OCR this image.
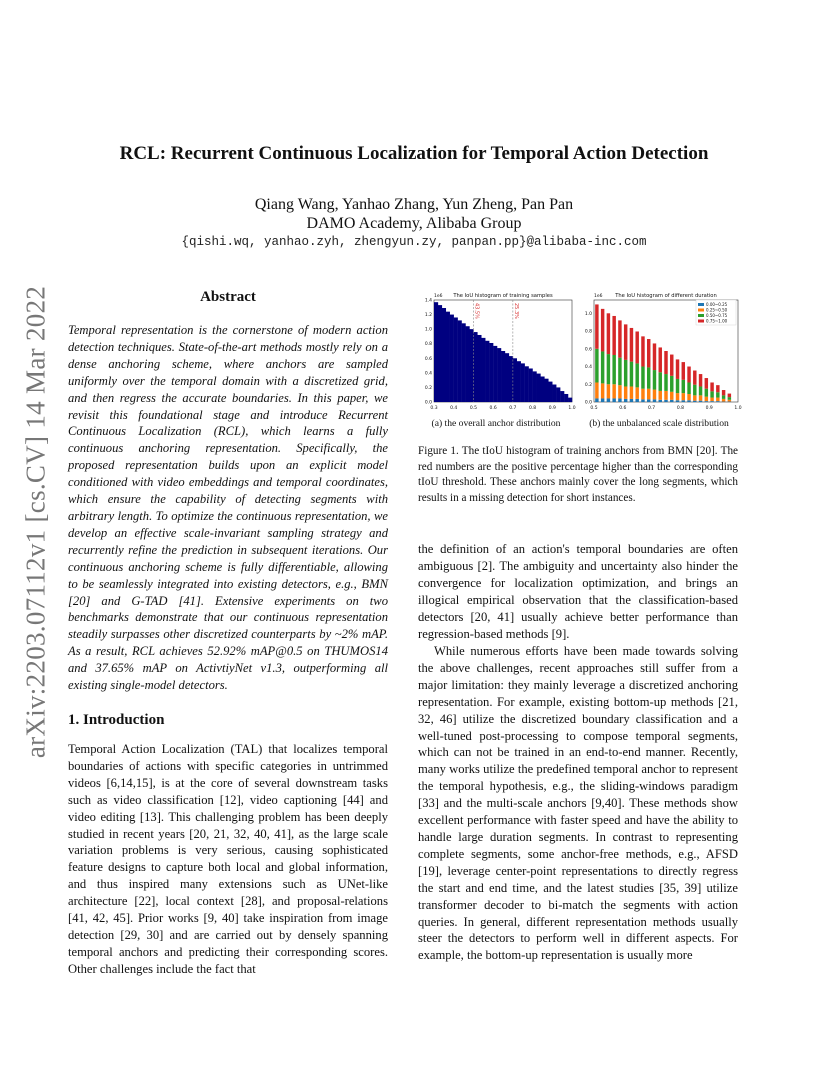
RCL: Recurrent Continuous Localization for Temporal Action Detection
Qiang Wang, Yanhao Zhang, Yun Zheng, Pan Pan
DAMO Academy, Alibaba Group
{qishi.wq, yanhao.zyh, zhengyun.zy, panpan.pp}@alibaba-inc.com
arXiv:2203.07112v1 [cs.CV] 14 Mar 2022	Abstract

Temporal representation is the cornerstone of modern action detection techniques. State-of-the-art methods mostly rely on a dense anchoring scheme, where anchors are sampled uniformly over the temporal domain with a discretized grid, and then regress the accurate boundaries. In this paper, we revisit this foundational stage and introduce Recurrent Continuous Localization (RCL), which learns a fully continuous anchoring representation. Specifically, the proposed representation builds upon an explicit model conditioned with video embeddings and temporal coordinates, which ensure the capability of detecting segments with arbitrary length. To optimize the continuous representation, we develop an effective scale-invariant sampling strategy and recurrently refine the prediction in subsequent iterations. Our continuous anchoring scheme is fully differentiable, allowing to be seamlessly integrated into existing detectors, e.g., BMN [20] and G-TAD [41]. Extensive experiments on two benchmarks demonstrate that our continuous representation steadily surpasses other discretized counterparts by ~2% mAP. As a result, RCL achieves 52.92% mAP@0.5 on THUMOS14 and 37.65% mAP on ActivtiyNet v1.3, outperforming all existing single-model detectors.

1. Introduction

Temporal Action Localization (TAL) that localizes temporal boundaries of actions with specific categories in untrimmed videos [6,14,15], is at the core of several downstream tasks such as video classification [12], video captioning [44] and video editing [13]. This challenging problem has been deeply studied in recent years [20, 21, 32, 40, 41], as the large scale variation problems is very serious, causing sophisticated feature designs to capture both local and global information, and thus inspired many extensions such as UNet-like architecture [22], local context [28], and proposal-relations [41, 42, 45]. Prior works [9, 40] take inspiration from image detection [29, 30] and are carried out by densely spanning temporal anchors and predicting their corresponding scores. Other challenges include the fact that

The IoU histogram of training samples
1e6
43.5%	25.3%
0.3	0.4	0.5	0.6	0.7	0.8	0.9	1.0
0.0
0.2
0.4
0.6
0.8
1.0
1.2
1.4
The IoU histogram of different duration
1e6
0.00~0.25
0.25~0.50
0.50~0.75
0.75~1.00
0.5	0.6	0.7	0.8	0.9	1.0
0.0
0.2
0.4
0.6
0.8
1.0
(a) the overall anchor distribution	(b) the unbalanced scale distribution

Figure 1. The tIoU histogram of training anchors from BMN [20]. The red numbers are the positive percentage higher than the corresponding tIoU threshold. These anchors mainly cover the long segments, which results in a missing detection for short instances.

the definition of an action's temporal boundaries are often ambiguous [2]. The ambiguity and uncertainty also hinder the convergence for localization optimization, and brings an illogical empirical observation that the classification-based detectors [20, 41] usually achieve better performance than regression-based methods [9].

While numerous efforts have been made towards solving the above challenges, recent approaches still suffer from a major limitation: they mainly leverage a discretized anchoring representation. For example, existing bottom-up methods [21, 32, 46] utilize the discretized boundary classification and a well-tuned post-processing to compose temporal segments, which can not be trained in an end-to-end manner. Recently, many works utilize the predefined temporal anchor to represent the temporal hypothesis, e.g., the sliding-windows paradigm [33] and the multi-scale anchors [9,40]. These methods show excellent performance with faster speed and have the ability to handle large duration segments. In contrast to representing complete segments, some anchor-free methods, e.g., AFSD [19], leverage center-point representations to directly regress the start and end time, and the latest studies [35, 39] utilize transformer decoder to bi-match the segments with action queries. In general, different representation methods usually steer the detectors to perform well in different aspects. For example, the bottom-up representation is usually more
